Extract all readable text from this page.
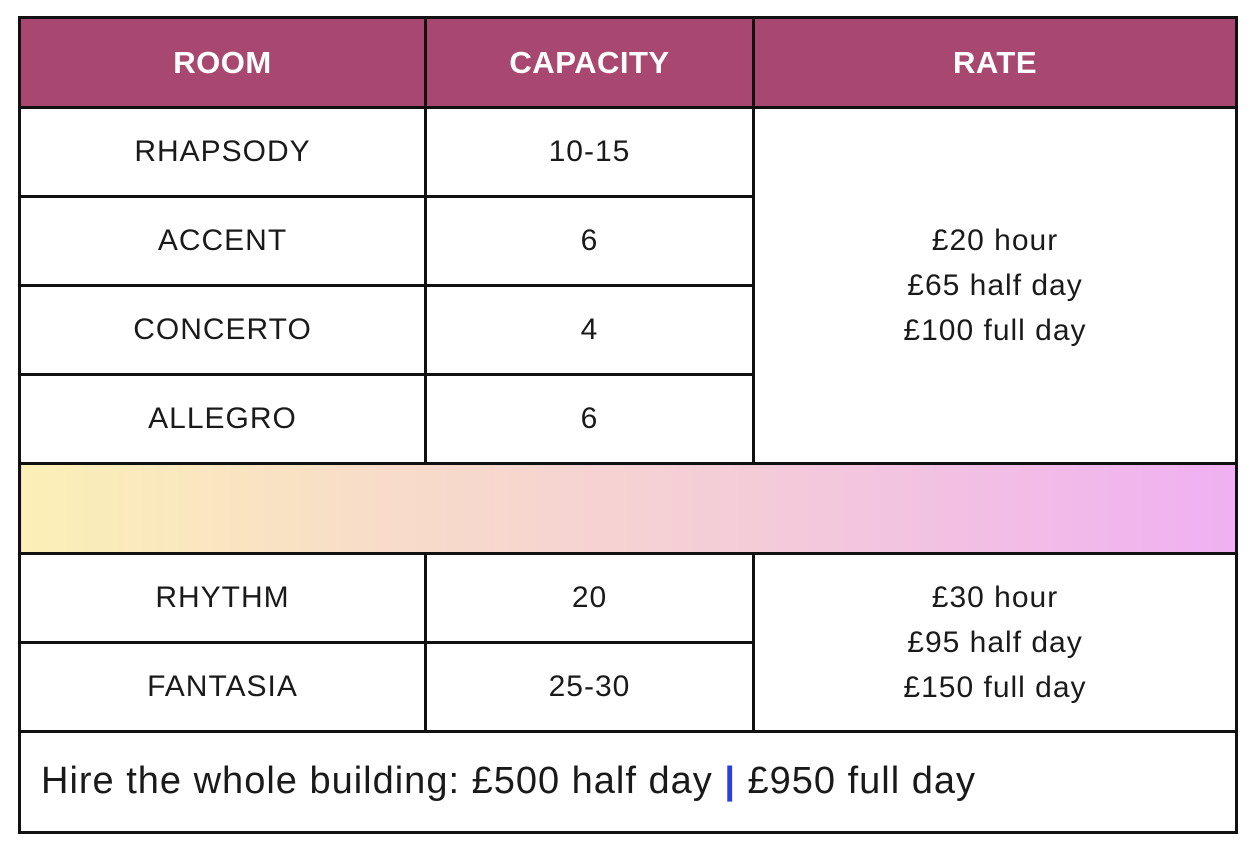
ROOM	CAPACITY	RATE
RHAPSODY	10-15	£20 hour
£65 half day
£100 full day

ACCENT	6	
CONCERTO	4	
ALLEGRO	6	

RHYTHM	20	£30 hour
£95 half day
£150 full day

FANTASIA	25-30	
Hire the whole building: £500 half day | £950 full day		
